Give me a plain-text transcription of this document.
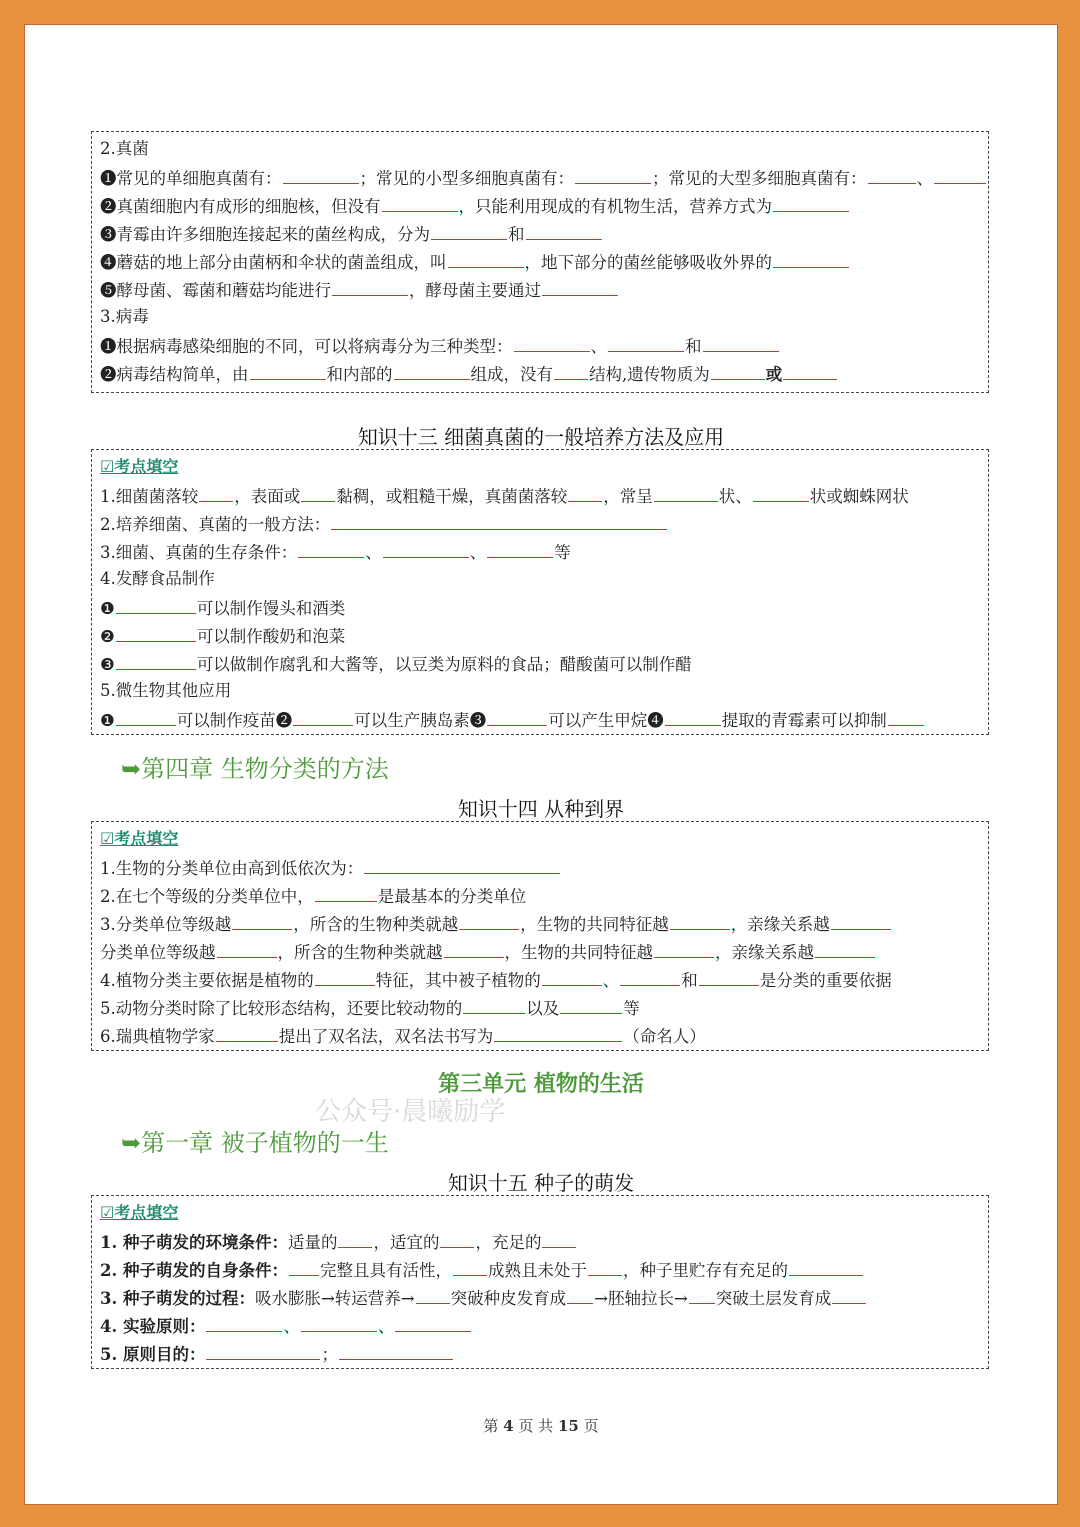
2.真菌
❶常见的单细胞真菌有：	；常见的小型多细胞真菌有：	；常见的大型多细胞真菌有：	、
❷真菌细胞内有成形的细胞核，但没有	，只能利用现成的有机物生活，营养方式为
❸青霉由许多细胞连接起来的菌丝构成，分为	和
❹蘑菇的地上部分由菌柄和伞状的菌盖组成，叫	，地下部分的菌丝能够吸收外界的
❺酵母菌、霉菌和蘑菇均能进行	，酵母菌主要通过
3.病毒
❶根据病毒感染细胞的不同，可以将病毒分为三种类型：	、	和
❷病毒结构简单，由	和内部的	组成，没有 结构,遗传物质为	或
知识十三 细菌真菌的一般培养方法及应用
☑考点填空
1.细菌菌落较 ，表面或 黏稠，或粗糙干燥，真菌菌落较 ，常呈	状、	状或蜘蛛网状
2.培养细菌、真菌的一般方法：
3.细菌、真菌的生存条件：	、	、	等
4.发酵食品制作
❶	可以制作馒头和酒类
❷	可以制作酸奶和泡菜
❸	可以做制作腐乳和大酱等，以豆类为原料的食品；醋酸菌可以制作醋
5.微生物其他应用
❶	可以制作疫苗❷	可以生产胰岛素❸	可以产生甲烷❹	提取的青霉素可以抑制
➥第四章 生物分类的方法
知识十四 从种到界
☑考点填空
1.生物的分类单位由高到低依次为：
2.在七个等级的分类单位中，	是最基本的分类单位
3.分类单位等级越	，所含的生物种类就越	，生物的共同特征越	，亲缘关系越
分类单位等级越	，所含的生物种类就越	，生物的共同特征越	，亲缘关系越
4.植物分类主要依据是植物的	特征，其中被子植物的	、	和	是分类的重要依据
5.动物分类时除了比较形态结构，还要比较动物的	以及	等
6.瑞典植物学家	提出了双名法，双名法书写为	（命名人）
第三单元 植物的生活
公众号·晨曦励学
➥第一章 被子植物的一生
知识十五 种子的萌发
☑考点填空
1. 种子萌发的环境条件：适量的 ，适宜的 ，充足的
2. 种子萌发的自身条件： 完整且具有活性， 成熟且未处于 ，种子里贮存有充足的
3. 种子萌发的过程：吸水膨胀→转运营养→ 突破种皮发育成 →胚轴拉长→ 突破土层发育成
4. 实验原则：	、	、
5. 原则目的：	；
第 4 页 共 15 页
